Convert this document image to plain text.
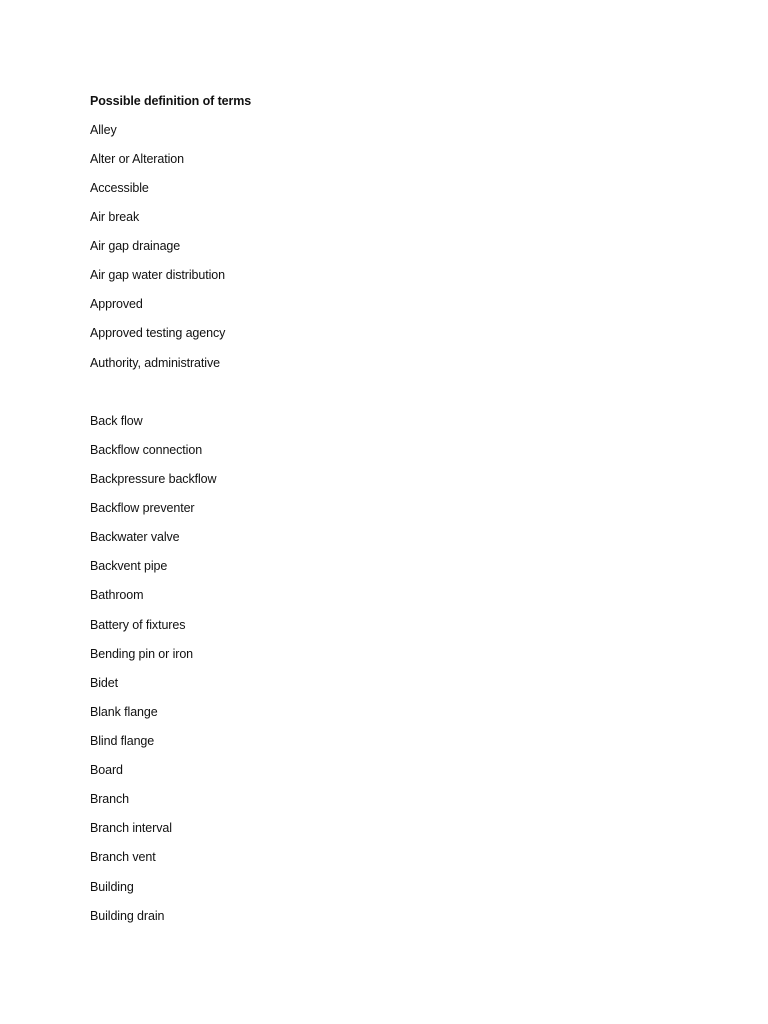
Possible definition of terms
Alley
Alter or Alteration
Accessible
Air break
Air gap drainage
Air gap water distribution
Approved
Approved testing agency
Authority, administrative
Back flow
Backflow connection
Backpressure backflow
Backflow preventer
Backwater valve
Backvent pipe
Bathroom
Battery of fixtures
Bending pin or iron
Bidet
Blank flange
Blind flange
Board
Branch
Branch interval
Branch vent
Building
Building drain
